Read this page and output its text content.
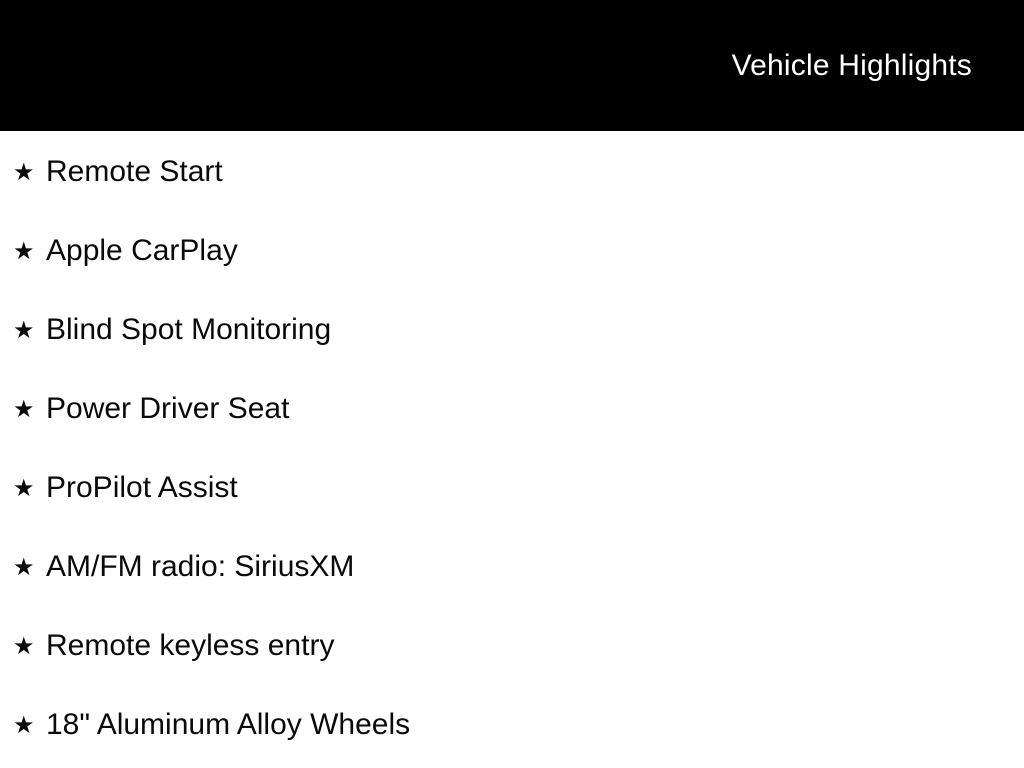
Vehicle Highlights
★ Remote Start
★ Apple CarPlay
★ Blind Spot Monitoring
★ Power Driver Seat
★ ProPilot Assist
★ AM/FM radio: SiriusXM
★ Remote keyless entry
★ 18" Aluminum Alloy Wheels
